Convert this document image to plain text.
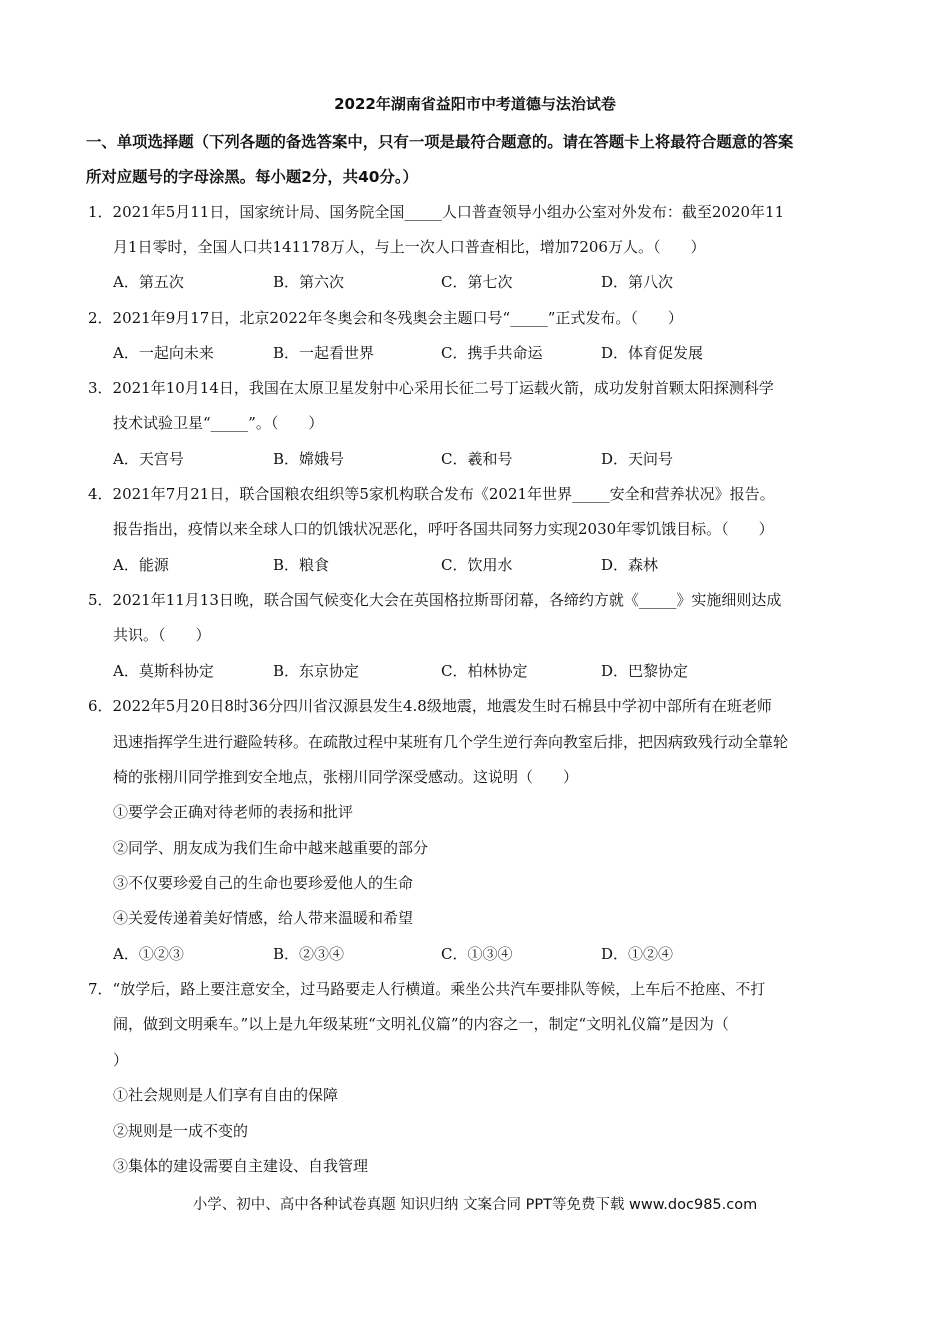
2022年湖南省益阳市中考道德与法治试卷
一、单项选择题（下列各题的备选答案中，只有一项是最符合题意的。请在答题卡上将最符合题意的答案
所对应题号的字母涂黑。每小题2分，共40分。）
1．2021年5月11日，国家统计局、国务院全国_____人口普查领导小组办公室对外发布：截至2020年11
月1日零时，全国人口共141178万人，与上一次人口普查相比，增加7206万人。（　　）
A．第五次	B．第六次	C．第七次	D．第八次
2．2021年9月17日，北京2022年冬奥会和冬残奥会主题口号“_____”正式发布。（　　）
A．一起向未来	B．一起看世界	C．携手共命运	D．体育促发展
3．2021年10月14日，我国在太原卫星发射中心采用长征二号丁运载火箭，成功发射首颗太阳探测科学
技术试验卫星“_____”。（　　）
A．天宫号	B．嫦娥号	C．羲和号	D．天问号
4．2021年7月21日，联合国粮农组织等5家机构联合发布《2021年世界_____安全和营养状况》报告。
报告指出，疫情以来全球人口的饥饿状况恶化，呼吁各国共同努力实现2030年零饥饿目标。（　　）
A．能源	B．粮食	C．饮用水	D．森林
5．2021年11月13日晚，联合国气候变化大会在英国格拉斯哥闭幕，各缔约方就《_____》实施细则达成
共识。（　　）
A．莫斯科协定	B．东京协定	C．柏林协定	D．巴黎协定
6．2022年5月20日8时36分四川省汉源县发生4.8级地震，地震发生时石棉县中学初中部所有在班老师
迅速指挥学生进行避险转移。在疏散过程中某班有几个学生逆行奔向教室后排，把因病致残行动全靠轮
椅的张栩川同学推到安全地点，张栩川同学深受感动。这说明（　　）
①要学会正确对待老师的表扬和批评
②同学、朋友成为我们生命中越来越重要的部分
③不仅要珍爱自己的生命也要珍爱他人的生命
④关爱传递着美好情感，给人带来温暖和希望
A．①②③	B．②③④	C．①③④	D．①②④
7．“放学后，路上要注意安全，过马路要走人行横道。乘坐公共汽车要排队等候，上车后不抢座、不打
闹，做到文明乘车。”以上是九年级某班“文明礼仪篇”的内容之一，制定“文明礼仪篇”是因为（
）
①社会规则是人们享有自由的保障
②规则是一成不变的
③集体的建设需要自主建设、自我管理
小学、初中、高中各种试卷真题 知识归纳 文案合同 PPT等免费下载 www.doc985.com
